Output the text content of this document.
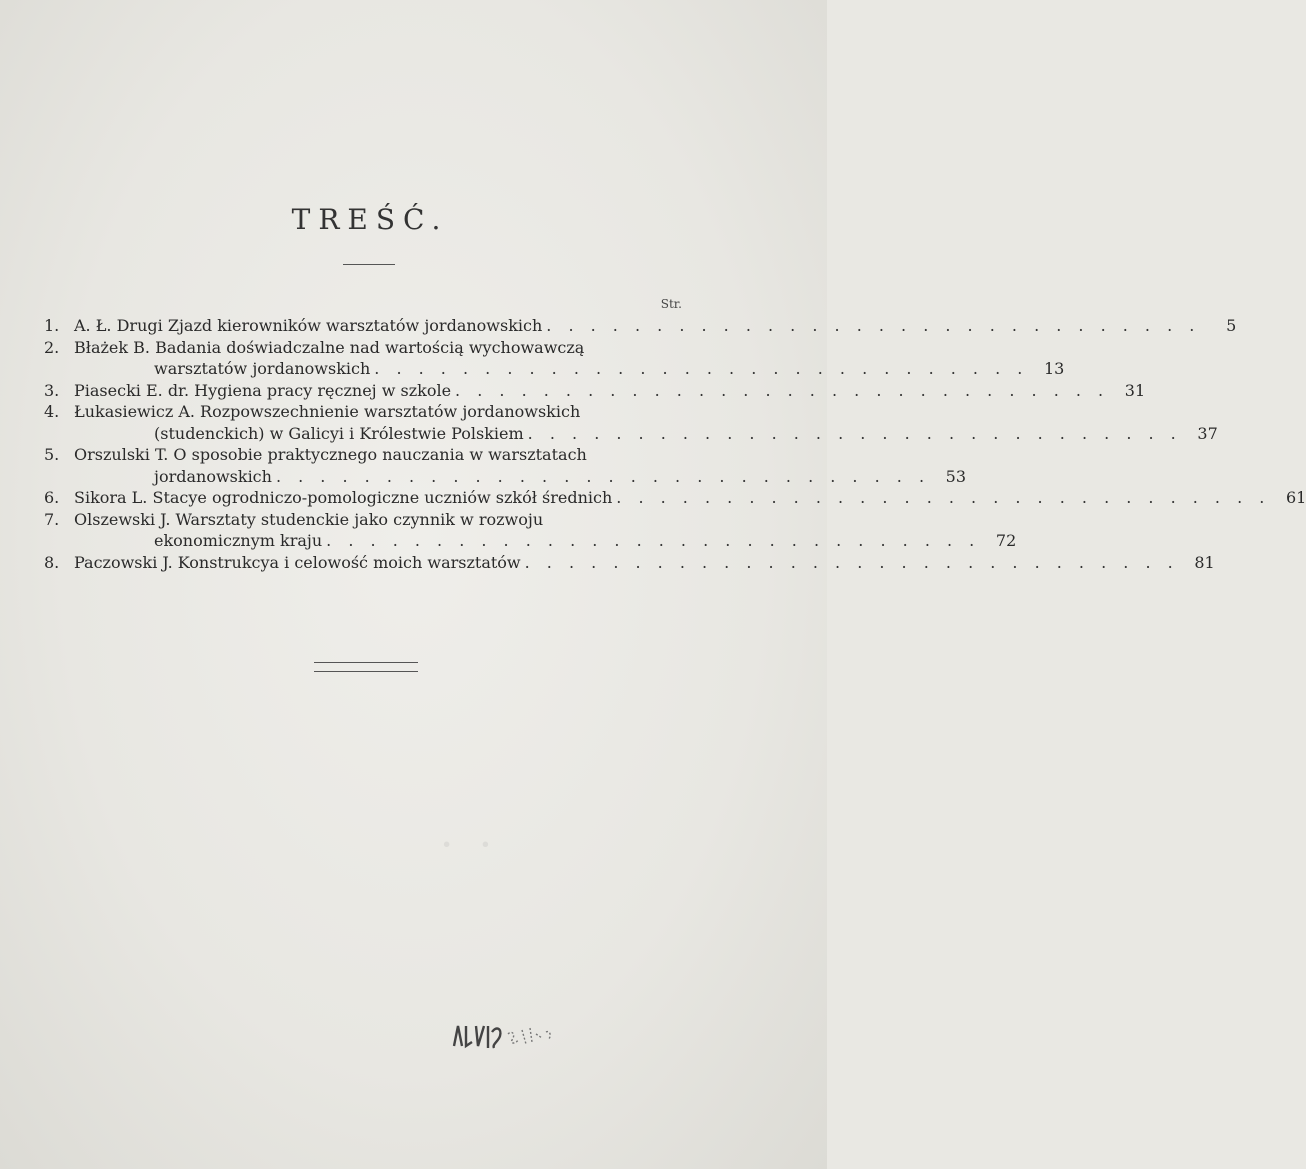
TREŚĆ.
Str.
1. A. Ł. Drugi Zjazd kierowników warsztatów jordanowskich . . . . . . . . . . . . . . . . . . . . . . . . . . . . . .	5
2. Błażek B. Badania doświadczalne nad wartością wychowawczą
warsztatów jordanowskich . . . . . . . . . . . . . . . . . . . . . . . . . . . . . . 13
3. Piasecki E. dr. Hygiena pracy ręcznej w szkole . . . . . . . . . . . . . . . . . . . . . . . . . . . . . . 31
4. Łukasiewicz A. Rozpowszechnienie warsztatów jordanowskich
(studenckich) w Galicyi i Królestwie Polskiem . . . . . . . . . . . . . . . . . . . . . . . . . . . . . . 37
5. Orszulski T. O sposobie praktycznego nauczania w warsztatach
jordanowskich . . . . . . . . . . . . . . . . . . . . . . . . . . . . . . 53
6. Sikora L. Stacye ogrodniczo-pomologiczne uczniów szkół średnich . . . . . . . . . . . . . . . . . . . . . . . . . . . . . . 61
7. Olszewski J. Warsztaty studenckie jako czynnik w rozwoju
ekonomicznym kraju . . . . . . . . . . . . . . . . . . . . . . . . . . . . . . 72
8. Paczowski J. Konstrukcya i celowość moich warsztatów . . . . . . . . . . . . . . . . . . . . . . . . . . . . . . 81
· ·
